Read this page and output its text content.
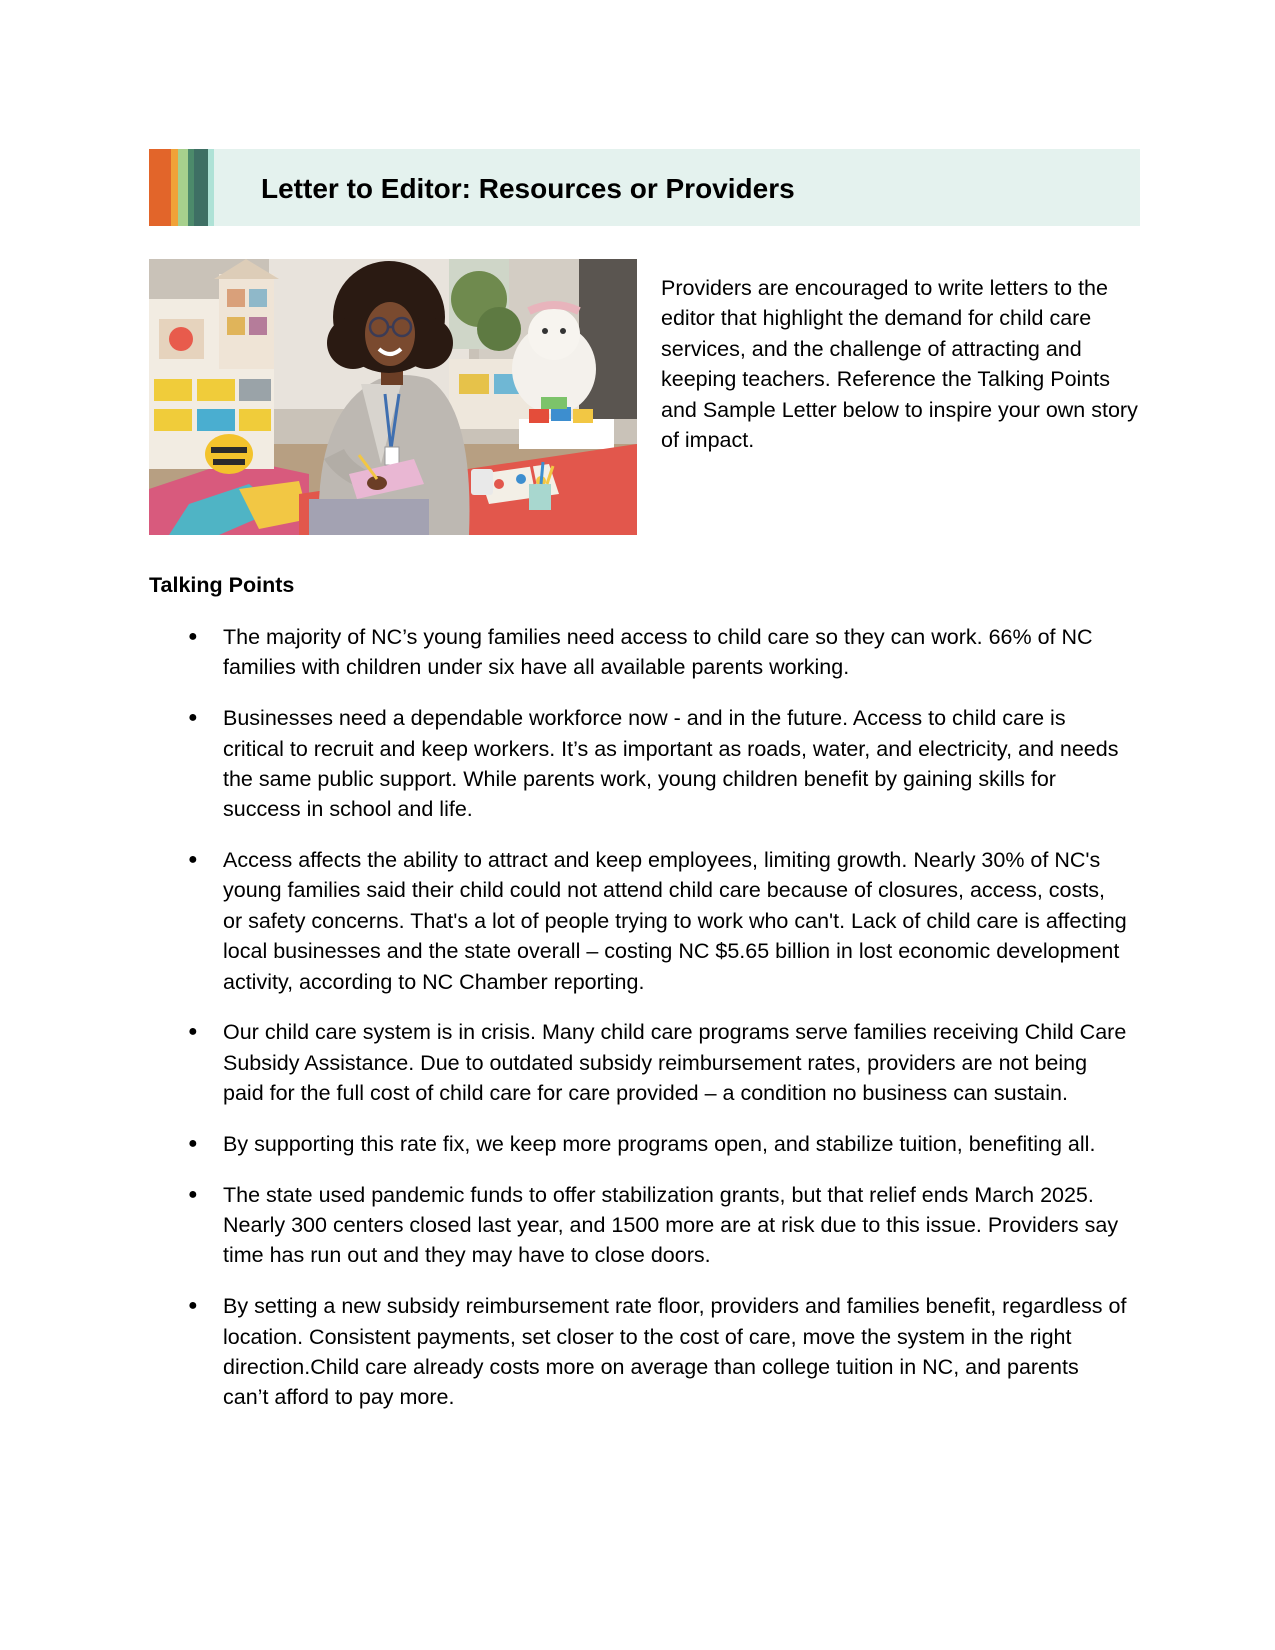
Letter to Editor: Resources or Providers

Providers are encouraged to write letters to the editor that highlight the demand for child care services, and the challenge of attracting and keeping teachers. Reference the Talking Points and Sample Letter below to inspire your own story of impact.

Talking Points
● The majority of NC’s young families need access to child care so they can work. 66% of NC families with children under six have all available parents working.
● Businesses need a dependable workforce now - and in the future. Access to child care is critical to recruit and keep workers. It’s as important as roads, water, and electricity, and needs the same public support. While parents work, young children benefit by gaining skills for success in school and life.
● Access affects the ability to attract and keep employees, limiting growth. Nearly 30% of NC's young families said their child could not attend child care because of closures, access, costs, or safety concerns. That's a lot of people trying to work who can't. Lack of child care is affecting local businesses and the state overall – costing NC $5.65 billion in lost economic development activity, according to NC Chamber reporting.
● Our child care system is in crisis. Many child care programs serve families receiving Child Care Subsidy Assistance. Due to outdated subsidy reimbursement rates, providers are not being paid for the full cost of child care for care provided – a condition no business can sustain.
● By supporting this rate fix, we keep more programs open, and stabilize tuition, benefiting all.
● The state used pandemic funds to offer stabilization grants, but that relief ends March 2025. Nearly 300 centers closed last year, and 1500 more are at risk due to this issue. Providers say time has run out and they may have to close doors.
● By setting a new subsidy reimbursement rate floor, providers and families benefit, regardless of location. Consistent payments, set closer to the cost of care, move the system in the right direction.Child care already costs more on average than college tuition in NC, and parents can’t afford to pay more.
